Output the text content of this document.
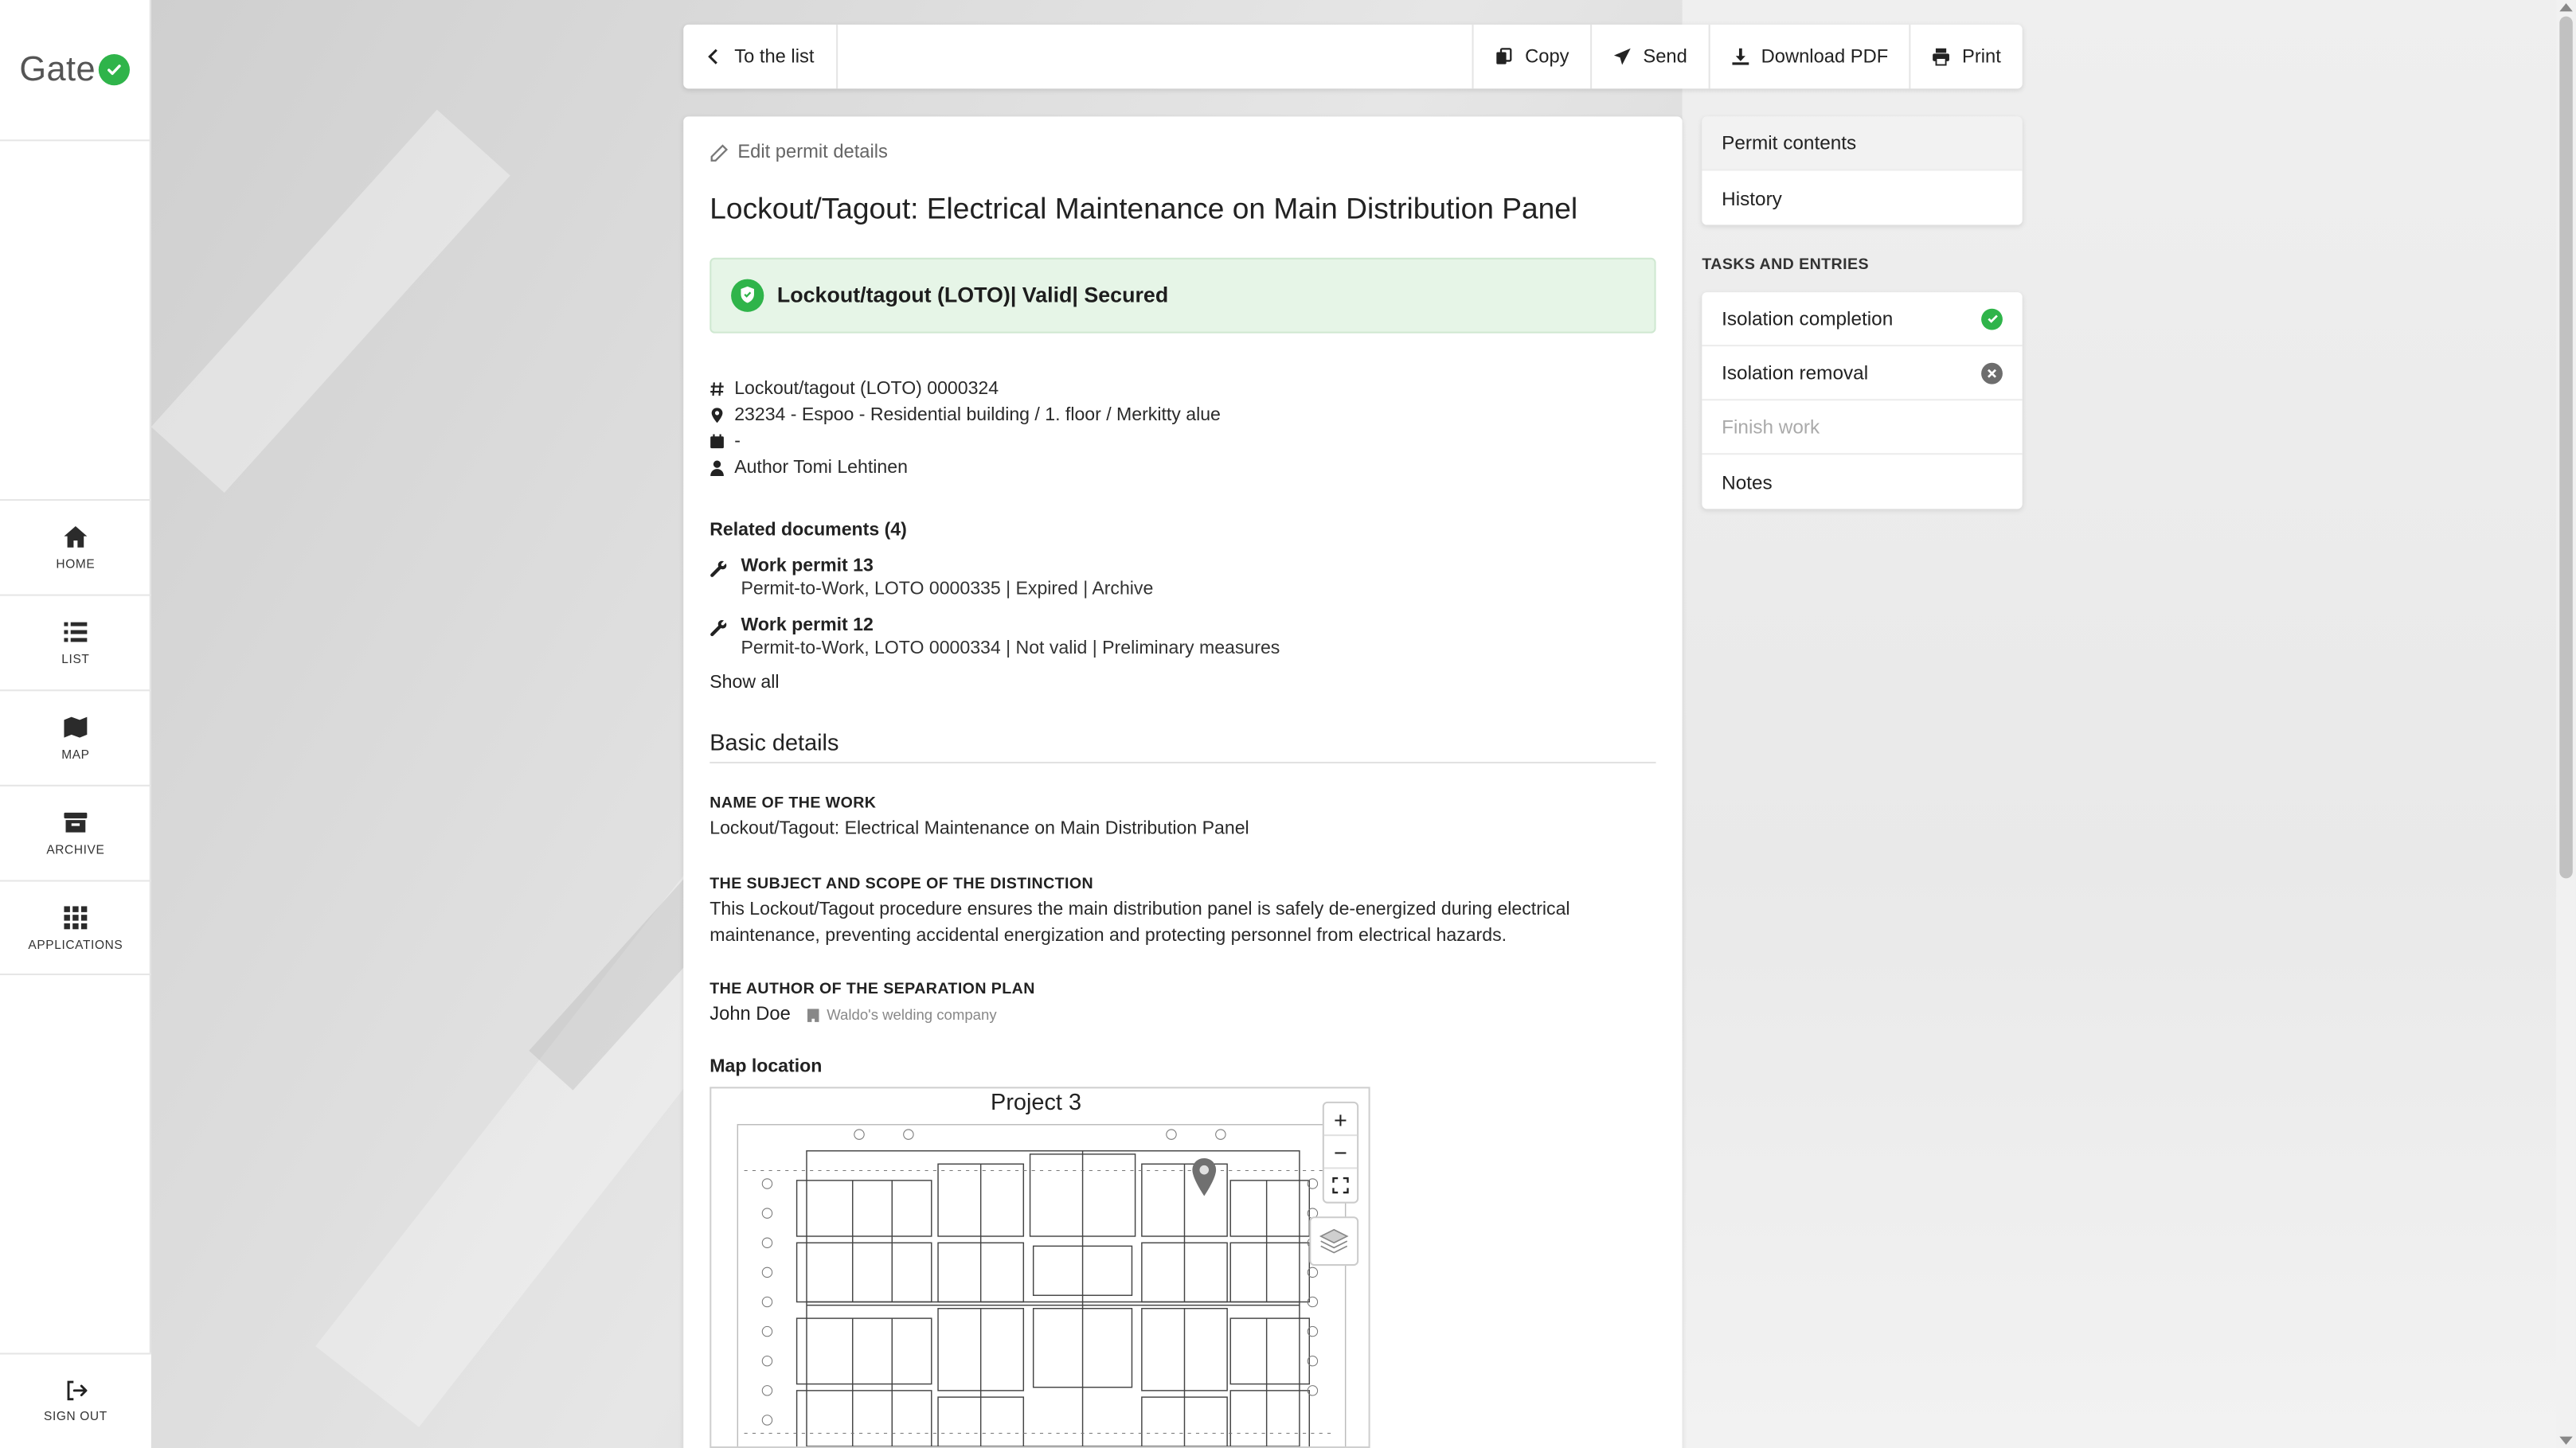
Gate
HOME
LIST
MAP
ARCHIVE
APPLICATIONS
SIGN OUT
To the list	Copy	Send	Download PDF	Print
Edit permit details
Lockout/Tagout: Electrical Maintenance on Main Distribution Panel
Lockout/tagout (LOTO)| Valid| Secured
Lockout/tagout (LOTO) 0000324
23234 - Espoo - Residential building / 1. floor / Merkitty alue
-
Author Tomi Lehtinen
Related documents (4)
Work permit 13
Permit-to-Work, LOTO 0000335 | Expired | Archive
Work permit 12
Permit-to-Work, LOTO 0000334 | Not valid | Preliminary measures
Show all
Basic details
NAME OF THE WORK
Lockout/Tagout: Electrical Maintenance on Main Distribution Panel
THE SUBJECT AND SCOPE OF THE DISTINCTION
This Lockout/Tagout procedure ensures the main distribution panel is safely de-energized during electrical maintenance, preventing accidental energization and protecting personnel from electrical hazards.
THE AUTHOR OF THE SEPARATION PLAN
John Doe	Waldo's welding company
Map location
Project 3
+
−
Permit contents
History
TASKS AND ENTRIES
Isolation completion
Isolation removal
Finish work
Notes
